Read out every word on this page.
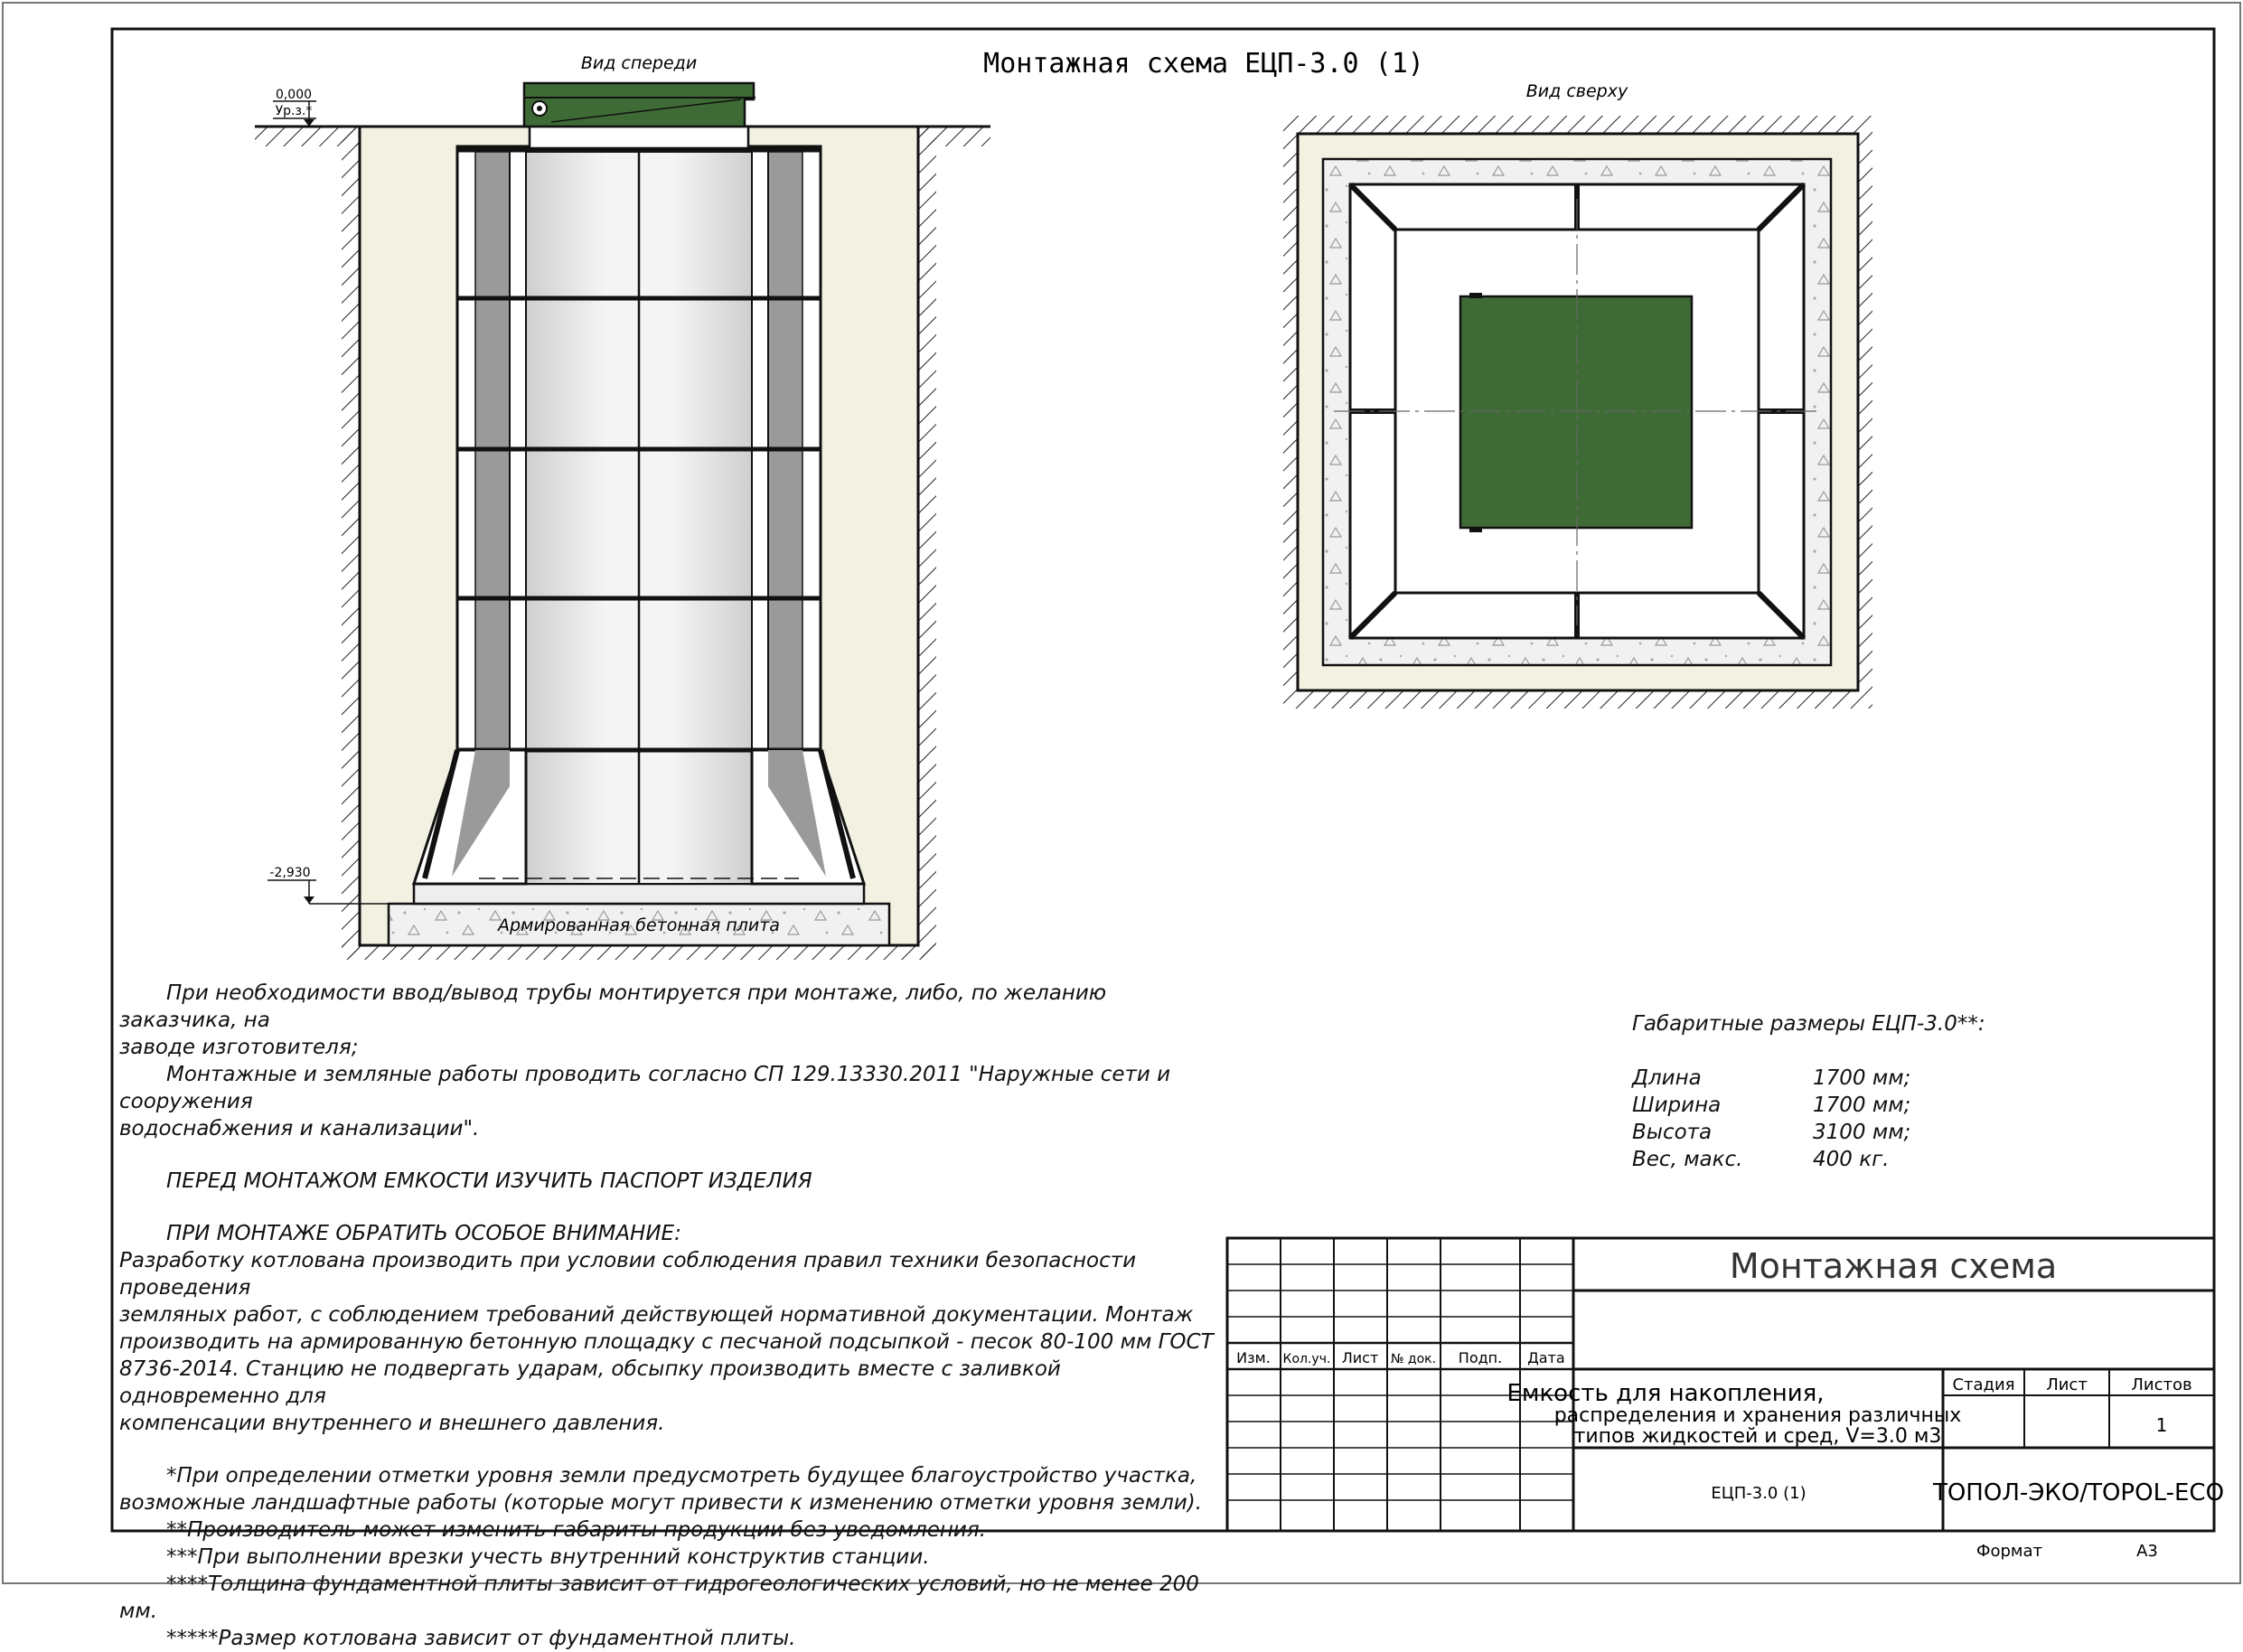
Монтажная схема ЕЦП-3.0 (1)
Вид спереди
Армированная бетонная плита
0,000
Ур.з.*
-2,930
Вид сверху
Монтажная схема
Изм. Кол.уч. Лист № док. Подп. Дата
Емкость для накопления,
распределения и хранения различных
типов жидкостей и сред, V=3.0 м3
ЕЦП-3.0 (1)
Стадия Лист	Листов
1
ТОПОЛ-ЭКО/TOPOL-ECO
Формат	А3

При необходимости ввод/вывод трубы монтируется при монтаже, либо, по желанию заказчика, на

заводе изготовителя;

Монтажные и земляные работы проводить согласно СП 129.13330.2011 "Наружные сети и сооружения

водоснабжения и канализации".

ПЕРЕД МОНТАЖОМ ЕМКОСТИ ИЗУЧИТЬ ПАСПОРТ ИЗДЕЛИЯ

ПРИ МОНТАЖЕ ОБРАТИТЬ ОСОБОЕ ВНИМАНИЕ:

Разработку котлована производить при условии соблюдения правил техники безопасности проведения

земляных работ, с соблюдением требований действующей нормативной документации. Монтаж

производить на армированную бетонную площадку с песчаной подсыпкой - песок 80-100 мм ГОСТ

8736-2014. Станцию не подвергать ударам, обсыпку производить вместе с заливкой одновременно для

компенсации внутреннего и внешнего давления.

*При определении отметки уровня земли предусмотреть будущее благоустройство участка,

возможные ландшафтные работы (которые могут привести к изменению отметки уровня земли).

**Производитель может изменить габариты продукции без уведомления.

***При выполнении врезки учесть внутренний конструктив станции.

****Толщина фундаментной плиты зависит от гидрогеологических условий, но не менее 200 мм.

*****Размер котлована зависит от фундаментной плиты.

Габаритные размеры ЕЦП-3.0**:
Длина	1700 мм;
Ширина	1700 мм;
Высота	3100 мм;
Вес, макс.	400 кг.
